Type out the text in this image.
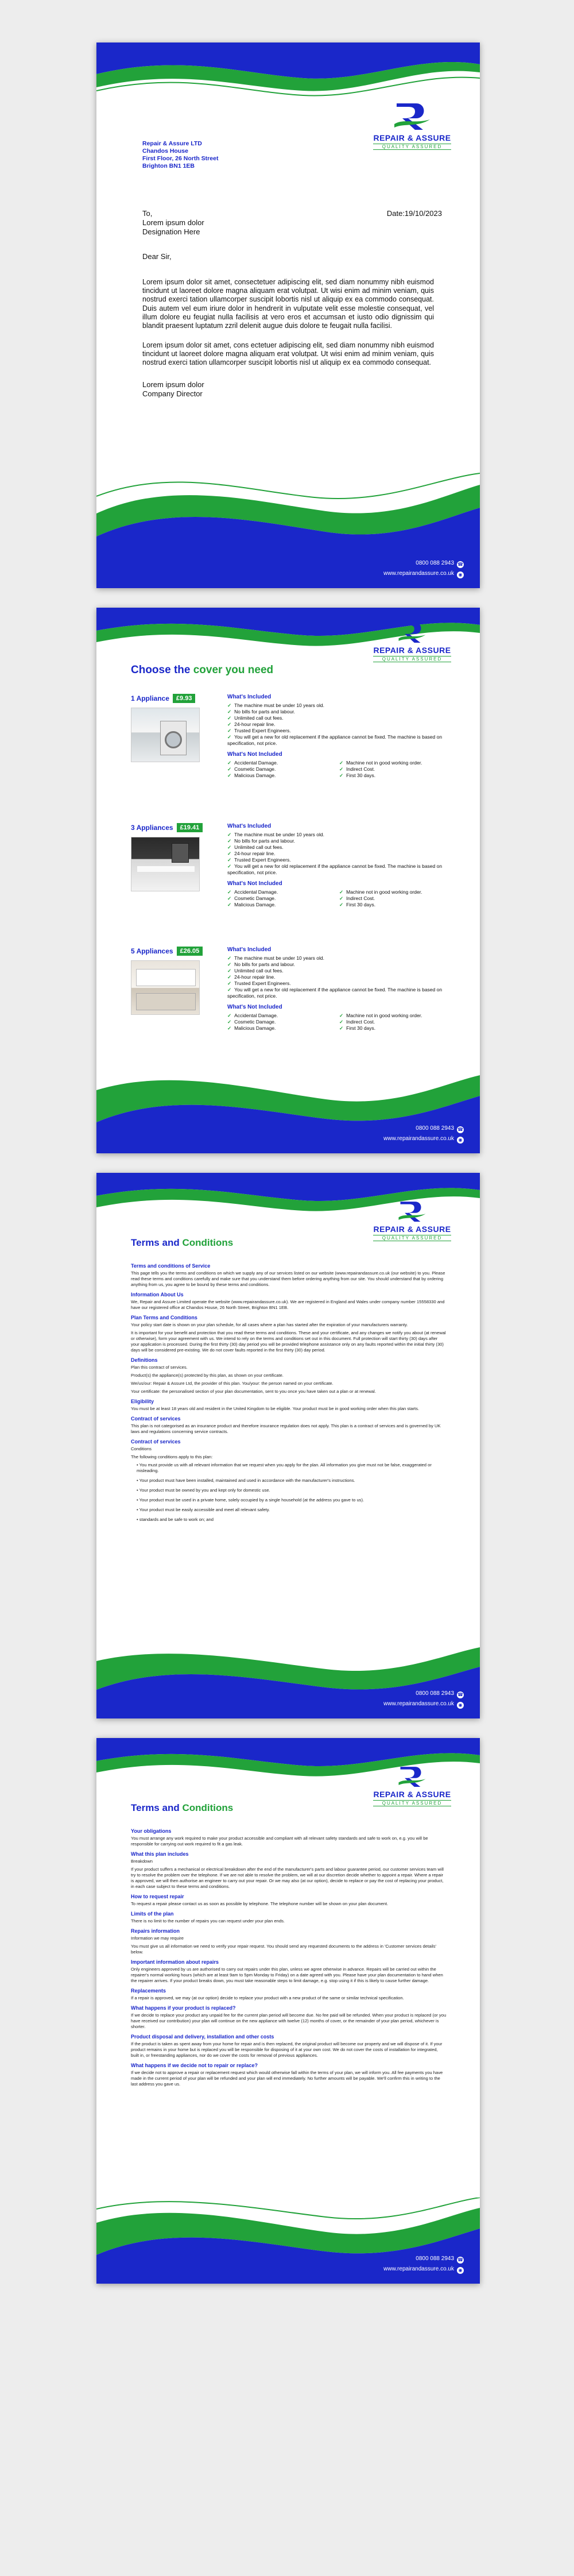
REPAIR & ASSURE
QUALITY ASSURED
Repair & Assure LTD
Chandos House
First Floor, 26 North Street
Brighton BN1 1EB
To,
Lorem ipsum dolor
Designation Here
Date:19/10/2023
Dear Sir,

Lorem ipsum dolor sit amet, consectetuer adipiscing elit, sed diam nonummy nibh euismod tincidunt ut laoreet dolore magna aliquam erat volutpat. Ut wisi enim ad minim veniam, quis nostrud exerci tation ullamcorper suscipit lobortis nisl ut aliquip ex ea commodo consequat. Duis autem vel eum iriure dolor in hendrerit in vulputate velit esse molestie consequat, vel illum dolore eu feugiat nulla facilisis at vero eros et accumsan et iusto odio dignissim qui blandit praesent luptatum zzril delenit augue duis dolore te feugait nulla facilisi.

Lorem ipsum dolor sit amet, cons ectetuer adipiscing elit, sed diam nonummy nibh euismod tincidunt ut laoreet dolore magna aliquam erat volutpat. Ut wisi enim ad minim veniam, quis nostrud exerci tation ullamcorper suscipit lobortis nisl ut aliquip ex ea commodo consequat.

Lorem ipsum dolor
Company Director
0800 088 2943 ☎
www.repairandassure.co.uk ◉
REPAIR & ASSURE
QUALITY ASSURED
Choose the cover you need
1 Appliance	£9.93	What's Included
✓ The machine must be under 10 years old.
✓ No bills for parts and labour.
✓ Unlimited call out fees.
✓ 24-hour repair line.
✓ Trusted Expert Engineers.
✓ You will get a new for old replacement if the appliance cannot be fixed. The machine is based on specification, not price.
What's Not Included
✓ Accidental Damage.
✓ Cosmetic Damage.
✓ Malicious Damage.
✓ Machine not in good working order.
✓ Indirect Cost.
✓ First 30 days.
3 Appliances	£19.41	What's Included
✓ The machine must be under 10 years old.
✓ No bills for parts and labour.
✓ Unlimited call out fees.
✓ 24-hour repair line.
✓ Trusted Expert Engineers.
✓ You will get a new for old replacement if the appliance cannot be fixed. The machine is based on specification, not price.
What's Not Included
✓ Accidental Damage.
✓ Cosmetic Damage.
✓ Malicious Damage.
✓ Machine not in good working order.
✓ Indirect Cost.
✓ First 30 days.
5 Appliances	£26.05	What's Included
✓ The machine must be under 10 years old.
✓ No bills for parts and labour.
✓ Unlimited call out fees.
✓ 24-hour repair line.
✓ Trusted Expert Engineers.
✓ You will get a new for old replacement if the appliance cannot be fixed. The machine is based on specification, not price.
What's Not Included
✓ Accidental Damage.
✓ Cosmetic Damage.
✓ Malicious Damage.
✓ Machine not in good working order.
✓ Indirect Cost.
✓ First 30 days.
0800 088 2943 ☎
www.repairandassure.co.uk ◉
REPAIR & ASSURE
QUALITY ASSURED
Terms and Conditions
Terms and conditions of Service

This page tells you the terms and conditions on which we supply any of our services listed on our website (www.repairandassure.co.uk (our website) to you. Please read these terms and conditions carefully and make sure that you understand them before ordering anything from our site. You should understand that by ordering anything from us, you agree to be bound by these terms and conditions.

Information About Us

We, Repair and Assure Limited operate the website (www.repairandassure.co.uk). We are registered in England and Wales under company number 15558330 and have our registered office at Chandos House, 26 North Street, Brighton BN1 1EB.

Plan Terms and Conditions

Your policy start date is shown on your plan schedule, for all cases where a plan has started after the expiration of your manufacturers warranty.

It is important for your benefit and protection that you read these terms and conditions. These and your certificate, and any changes we notify you about (at renewal or otherwise), form your agreement with us. We intend to rely on the terms and conditions set out in this document. Full protection will start thirty (30) days after your application is processed. During the first thirty (30) day period you will be provided telephone assistance only on any faults reported within the initial thirty (30) days will be considered pre-existing. We do not cover faults reported in the first thirty (30) day period.

Definitions

Plan this contract of services.

Product(s) the appliance(s) protected by this plan, as shown on your certificate.

We/us/our: Repair & Assure Ltd, the provider of this plan. You/your: the person named on your certificate.

Your certificate: the personalised section of your plan documentation, sent to you once you have taken out a plan or at renewal.

Eligibility

You must be at least 18 years old and resident in the United Kingdom to be eligible. Your product must be in good working order when this plan starts.

Contract of services

This plan is not categorised as an insurance product and therefore insurance regulation does not apply. This plan is a contract of services and is governed by UK laws and regulations concerning service contracts.

Contract of services

Conditions

The following conditions apply to this plan:

• You must provide us with all relevant information that we request when you apply for the plan. All information you give must not be false, exaggerated or misleading.
• Your product must have been installed, maintained and used in accordance with the manufacturer's instructions.
• Your product must be owned by you and kept only for domestic use.
• Your product must be used in a private home, solely occupied by a single household (at the address you gave to us).
• Your product must be easily accessible and meet all relevant safety.
• standards and be safe to work on; and
0800 088 2943 ☎
www.repairandassure.co.uk ◉
REPAIR & ASSURE
QUALITY ASSURED
Terms and Conditions
Your obligations

You must arrange any work required to make your product accessible and compliant with all relevant safety standards and safe to work on, e.g. you will be responsible for carrying out work required to fit a gas leak.

What this plan includes

Breakdown

If your product suffers a mechanical or electrical breakdown after the end of the manufacturer's parts and labour guarantee period, our customer services team will try to resolve the problem over the telephone. If we are not able to resolve the problem, we will at our discretion decide whether to appoint a repair. Where a repair is approved, we will then authorise an engineer to carry out your repair. Or we may also (at our option), decide to replace or pay the cost of replacing your product, in each case subject to these terms and conditions.

How to request repair

To request a repair please contact us as soon as possible by telephone. The telephone number will be shown on your plan document.

Limits of the plan

There is no limit to the number of repairs you can request under your plan ends.

Repairs information

Information we may require

You must give us all information we need to verify your repair request. You should send any requested documents to the address in 'Customer services details' below.

Important information about repairs

Only engineers approved by us are authorised to carry out repairs under this plan, unless we agree otherwise in advance. Repairs will be carried out within the repairer's normal working hours (which are at least 9am to 5pm Monday to Friday) on a date agreed with you. Please have your plan documentation to hand when the repairer arrives. If your product breaks down, you must take reasonable steps to limit damage, e.g. stop using it if this is likely to cause further damage.

Replacements

If a repair is approved, we may (at our option) decide to replace your product with a new product of the same or similar technical specification.

What happens if your product is replaced?

If we decide to replace your product any unpaid fee for the current plan period will become due. No fee paid will be refunded. When your product is replaced (or you have received our contribution) your plan will continue on the new appliance with twelve (12) months of cover, or the remainder of your plan period, whichever is shorter.

Product disposal and delivery, installation and other costs

If the product is taken as spent away from your home for repair and is then replaced, the original product will become our property and we will dispose of it. If your product remains in your home but is replaced you will be responsible for disposing of it at your own cost. We do not cover the costs of installation for integrated, built in, or freestanding appliances, nor do we cover the costs for removal of previous appliances.

What happens if we decide not to repair or replace?

If we decide not to approve a repair or replacement request which would otherwise fall within the terms of your plan, we will inform you. All fee payments you have made in the current period of your plan will be refunded and your plan will end immediately. No further amounts will be payable. We'll confirm this in writing to the last address you gave us.

0800 088 2943 ☎
www.repairandassure.co.uk ◉
